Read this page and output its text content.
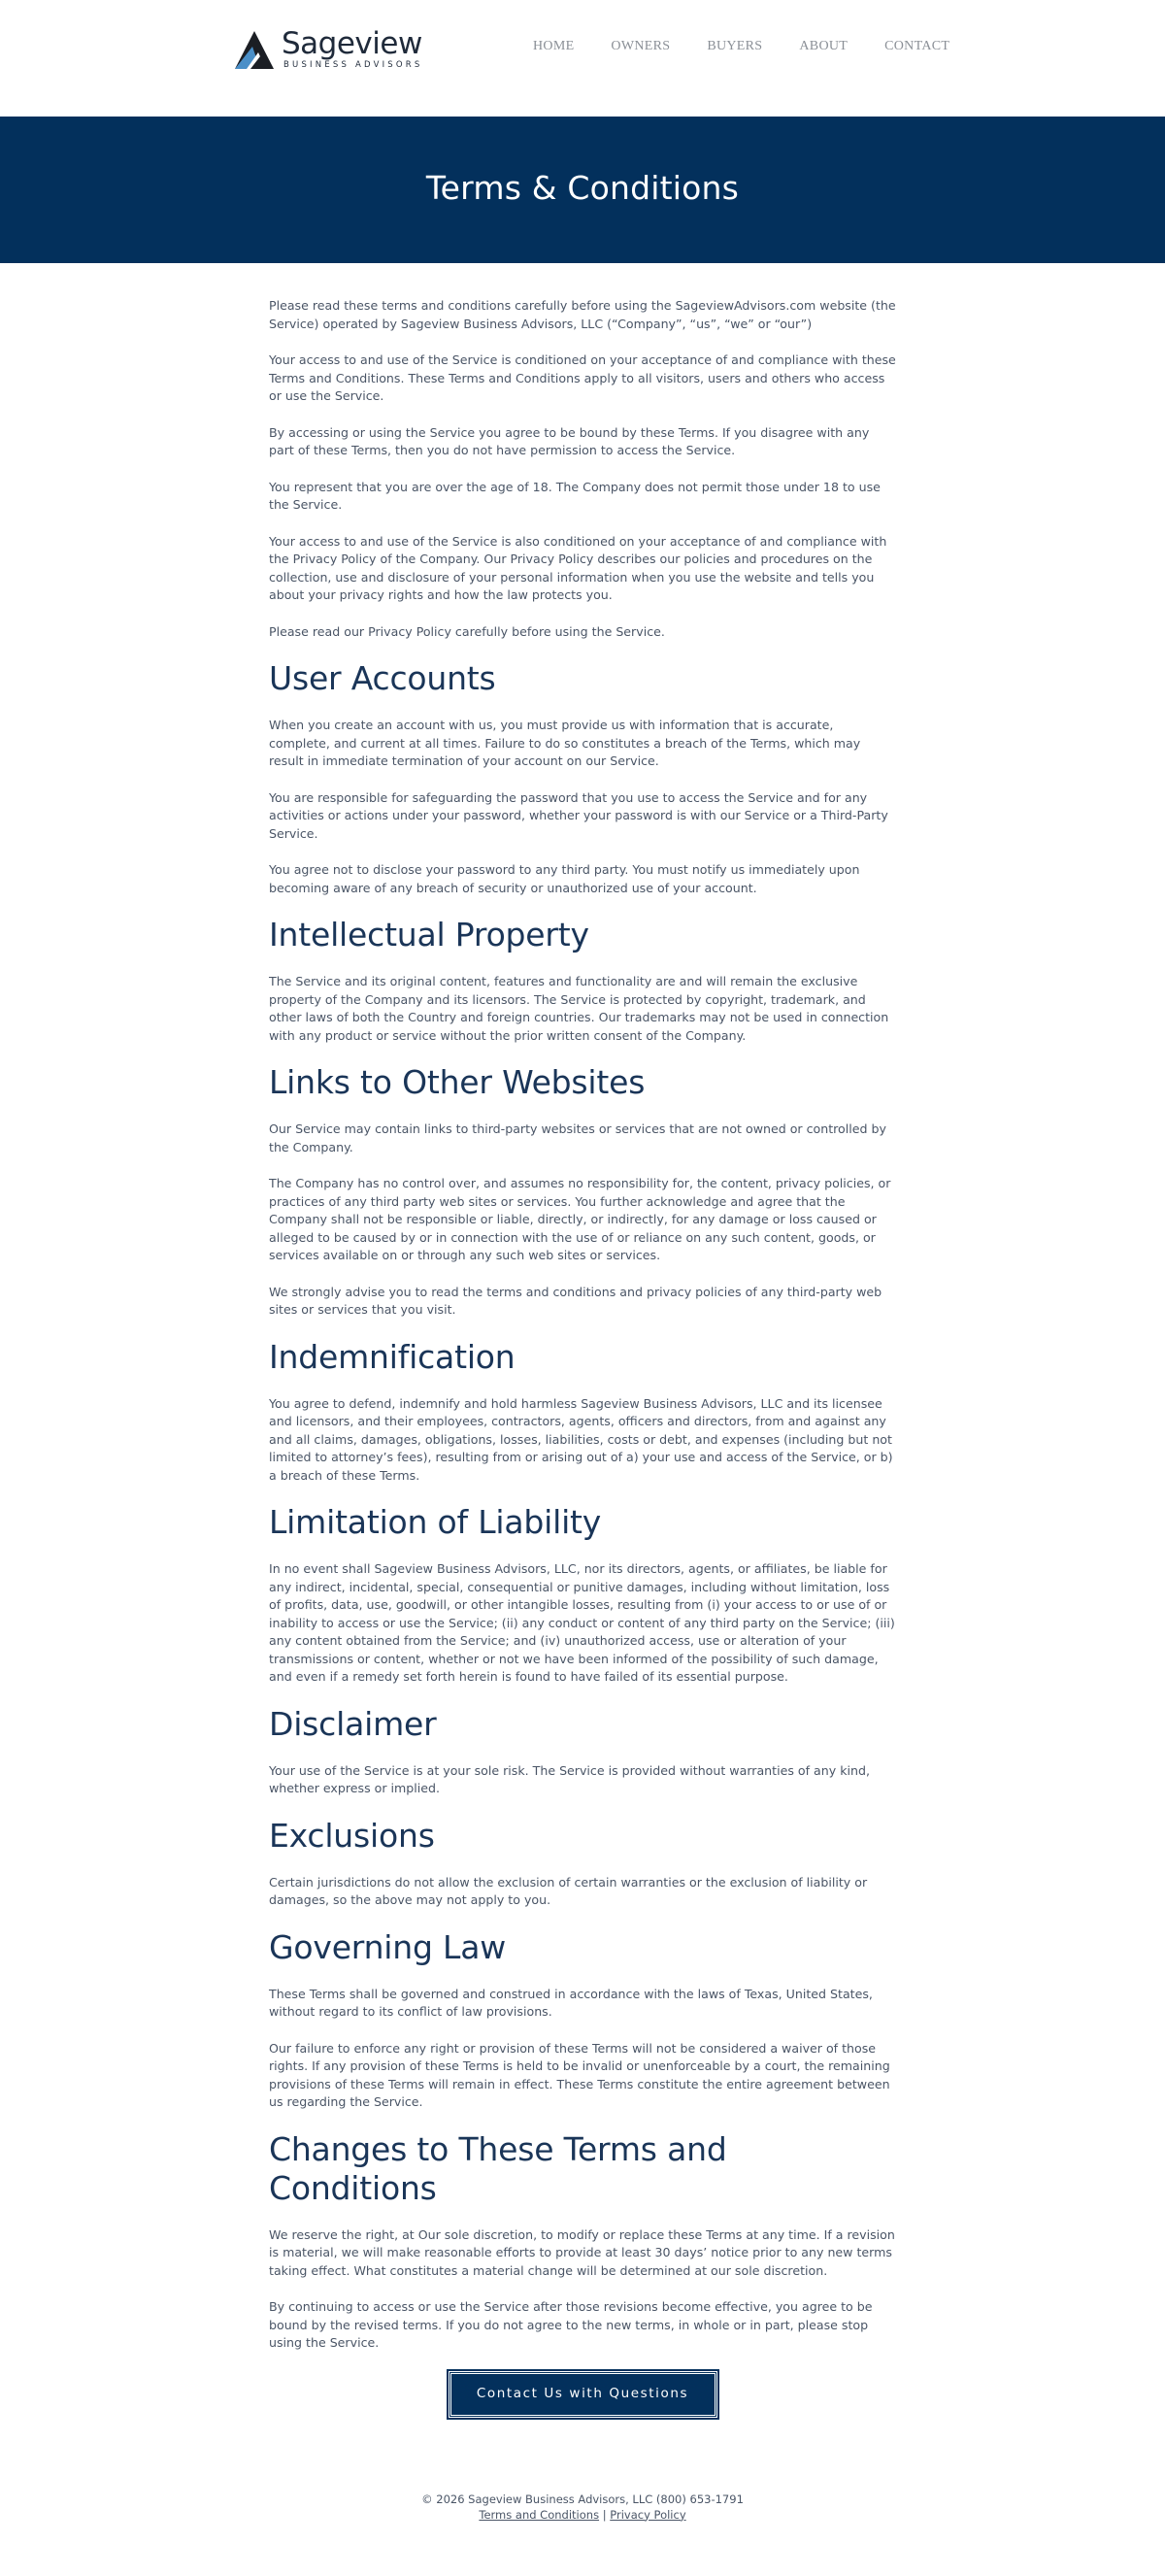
Sageview
BUSINESS ADVISORS
HOME	OWNERS	BUYERS	ABOUT	CONTACT
Terms & Conditions

Please read these terms and conditions carefully before using the SageviewAdvisors.com website (the Service) operated by Sageview Business Advisors, LLC (“Company”, “us”, “we” or “our”)

Your access to and use of the Service is conditioned on your acceptance of and compliance with these Terms and Conditions. These Terms and Conditions apply to all visitors, users and others who access or use the Service.

By accessing or using the Service you agree to be bound by these Terms. If you disagree with any part of these Terms, then you do not have permission to access the Service.

You represent that you are over the age of 18. The Company does not permit those under 18 to use the Service.

Your access to and use of the Service is also conditioned on your acceptance of and compliance with the Privacy Policy of the Company. Our Privacy Policy describes our policies and procedures on the collection, use and disclosure of your personal information when you use the website and tells you about your privacy rights and how the law protects you.

Please read our Privacy Policy carefully before using the Service.

User Accounts

When you create an account with us, you must provide us with information that is accurate, complete, and current at all times. Failure to do so constitutes a breach of the Terms, which may result in immediate termination of your account on our Service.

You are responsible for safeguarding the password that you use to access the Service and for any activities or actions under your password, whether your password is with our Service or a Third-Party Service.

You agree not to disclose your password to any third party. You must notify us immediately upon becoming aware of any breach of security or unauthorized use of your account.

Intellectual Property

The Service and its original content, features and functionality are and will remain the exclusive property of the Company and its licensors. The Service is protected by copyright, trademark, and other laws of both the Country and foreign countries. Our trademarks may not be used in connection with any product or service without the prior written consent of the Company.

Links to Other Websites

Our Service may contain links to third-party websites or services that are not owned or controlled by the Company.

The Company has no control over, and assumes no responsibility for, the content, privacy policies, or practices of any third party web sites or services. You further acknowledge and agree that the Company shall not be responsible or liable, directly, or indirectly, for any damage or loss caused or alleged to be caused by or in connection with the use of or reliance on any such content, goods, or services available on or through any such web sites or services.

We strongly advise you to read the terms and conditions and privacy policies of any third-party web sites or services that you visit.

Indemnification

You agree to defend, indemnify and hold harmless Sageview Business Advisors, LLC and its licensee and licensors, and their employees, contractors, agents, officers and directors, from and against any and all claims, damages, obligations, losses, liabilities, costs or debt, and expenses (including but not limited to attorney’s fees), resulting from or arising out of a) your use and access of the Service, or b) a breach of these Terms.

Limitation of Liability

In no event shall Sageview Business Advisors, LLC, nor its directors, agents, or affiliates, be liable for any indirect, incidental, special, consequential or punitive damages, including without limitation, loss of profits, data, use, goodwill, or other intangible losses, resulting from (i) your access to or use of or inability to access or use the Service; (ii) any conduct or content of any third party on the Service; (iii) any content obtained from the Service; and (iv) unauthorized access, use or alteration of your transmissions or content, whether or not we have been informed of the possibility of such damage, and even if a remedy set forth herein is found to have failed of its essential purpose.

Disclaimer

Your use of the Service is at your sole risk. The Service is provided without warranties of any kind, whether express or implied.

Exclusions

Certain jurisdictions do not allow the exclusion of certain warranties or the exclusion of liability or damages, so the above may not apply to you.

Governing Law

These Terms shall be governed and construed in accordance with the laws of Texas, United States, without regard to its conflict of law provisions.

Our failure to enforce any right or provision of these Terms will not be considered a waiver of those rights. If any provision of these Terms is held to be invalid or unenforceable by a court, the remaining provisions of these Terms will remain in effect. These Terms constitute the entire agreement between us regarding the Service.

Changes to These Terms and Conditions

We reserve the right, at Our sole discretion, to modify or replace these Terms at any time. If a revision is material, we will make reasonable efforts to provide at least 30 days’ notice prior to any new terms taking effect. What constitutes a material change will be determined at our sole discretion.

By continuing to access or use the Service after those revisions become effective, you agree to be bound by the revised terms. If you do not agree to the new terms, in whole or in part, please stop using the Service.

Contact Us with Questions
© 2026 Sageview Business Advisors, LLC (800) 653-1791
Terms and Conditions | Privacy Policy
